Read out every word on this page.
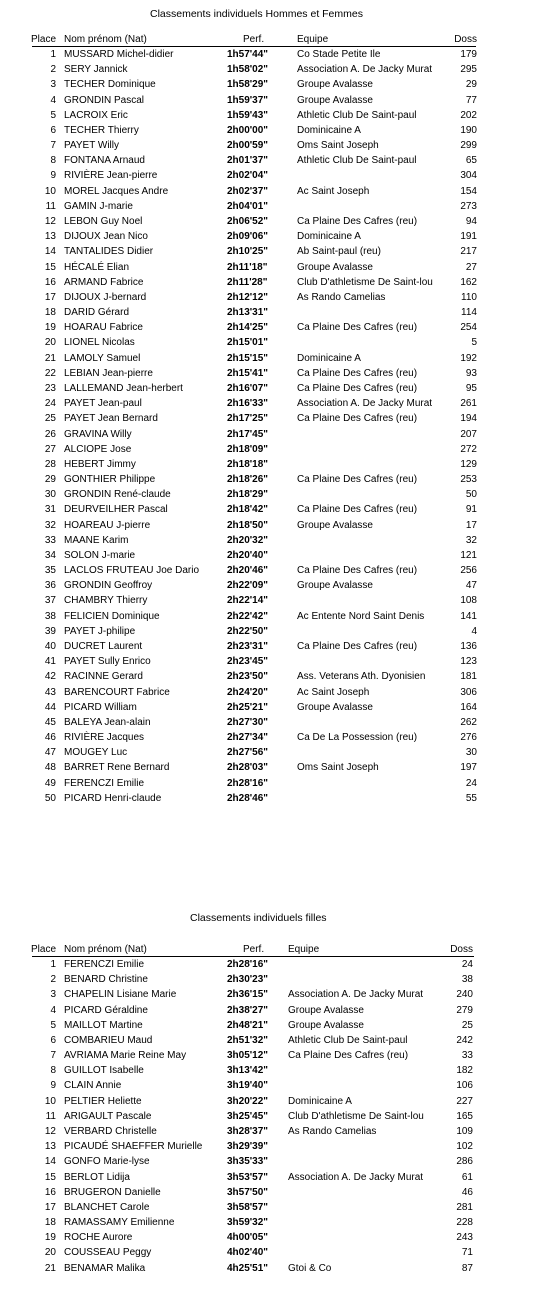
Classements individuels Hommes et Femmes
Place Nom prénom (Nat)	Perf.	Equipe	Doss
1 MUSSARD Michel-didier	1h57'44"	Co Stade Petite Ile	179
2 SERY Jannick	1h58'02"	Association A. De Jacky Murat	295
3 TECHER Dominique	1h58'29"	Groupe Avalasse	29
4 GRONDIN Pascal	1h59'37"	Groupe Avalasse	77
5 LACROIX Eric	1h59'43"	Athletic Club De Saint-paul	202
6 TECHER Thierry	2h00'00"	Dominicaine A	190
7 PAYET Willy	2h00'59"	Oms Saint Joseph	299
8 FONTANA Arnaud	2h01'37"	Athletic Club De Saint-paul	65
9 RIVIÈRE Jean-pierre	2h02'04"	304
10 MOREL Jacques Andre	2h02'37"	Ac Saint Joseph	154
11 GAMIN J-marie	2h04'01"	273
12 LEBON Guy Noel	2h06'52"	Ca Plaine Des Cafres (reu)	94
13 DIJOUX Jean Nico	2h09'06"	Dominicaine A	191
14 TANTALIDES Didier	2h10'25"	Ab Saint-paul (reu)	217
15 HÉCALÉ Elian	2h11'18"	Groupe Avalasse	27
16 ARMAND Fabrice	2h11'28"	Club D'athletisme De Saint-lou	162
17 DIJOUX J-bernard	2h12'12"	As Rando Camelias	110
18 DARID Gérard	2h13'31"	114
19 HOARAU Fabrice	2h14'25"	Ca Plaine Des Cafres (reu)	254
20 LIONEL Nicolas	2h15'01"	5
21 LAMOLY Samuel	2h15'15"	Dominicaine A	192
22 LEBIAN Jean-pierre	2h15'41"	Ca Plaine Des Cafres (reu)	93
23 LALLEMAND Jean-herbert	2h16'07"	Ca Plaine Des Cafres (reu)	95
24 PAYET Jean-paul	2h16'33"	Association A. De Jacky Murat	261
25 PAYET Jean Bernard	2h17'25"	Ca Plaine Des Cafres (reu)	194
26 GRAVINA Willy	2h17'45"	207
27 ALCIOPE Jose	2h18'09"	272
28 HEBERT Jimmy	2h18'18"	129
29 GONTHIER Philippe	2h18'26"	Ca Plaine Des Cafres (reu)	253
30 GRONDIN René-claude	2h18'29"	50
31 DEURVEILHER Pascal	2h18'42"	Ca Plaine Des Cafres (reu)	91
32 HOAREAU J-pierre	2h18'50"	Groupe Avalasse	17
33 MAANE Karim	2h20'32"	32
34 SOLON J-marie	2h20'40"	121
35 LACLOS FRUTEAU Joe Dario	2h20'46"	Ca Plaine Des Cafres (reu)	256
36 GRONDIN Geoffroy	2h22'09"	Groupe Avalasse	47
37 CHAMBRY Thierry	2h22'14"	108
38 FELICIEN Dominique	2h22'42"	Ac Entente Nord Saint Denis	141
39 PAYET J-philipe	2h22'50"	4
40 DUCRET Laurent	2h23'31"	Ca Plaine Des Cafres (reu)	136
41 PAYET Sully Enrico	2h23'45"	123
42 RACINNE Gerard	2h23'50"	Ass. Veterans Ath. Dyonisien	181
43 BARENCOURT Fabrice	2h24'20"	Ac Saint Joseph	306
44 PICARD William	2h25'21"	Groupe Avalasse	164
45 BALEYA Jean-alain	2h27'30"	262
46 RIVIÈRE Jacques	2h27'34"	Ca De La Possession (reu)	276
47 MOUGEY Luc	2h27'56"	30
48 BARRET Rene Bernard	2h28'03"	Oms Saint Joseph	197
49 FERENCZI Emilie	2h28'16"	24
50 PICARD Henri-claude	2h28'46"	55
Classements individuels filles
Place Nom prénom (Nat)	Perf. Equipe	Doss
1 FERENCZI Emilie	2h28'16"	24
2 BENARD Christine	2h30'23"	38
3 CHAPELIN Lisiane Marie	2h36'15" Association A. De Jacky Murat	240
4 PICARD Géraldine	2h38'27" Groupe Avalasse	279
5 MAILLOT Martine	2h48'21" Groupe Avalasse	25
6 COMBARIEU Maud	2h51'32" Athletic Club De Saint-paul	242
7 AVRIAMA Marie Reine May	3h05'12" Ca Plaine Des Cafres (reu)	33
8 GUILLOT Isabelle	3h13'42"	182
9 CLAIN Annie	3h19'40"	106
10 PELTIER Heliette	3h20'22" Dominicaine A	227
11 ARIGAULT Pascale	3h25'45" Club D'athletisme De Saint-lou	165
12 VERBARD Christelle	3h28'37" As Rando Camelias	109
13 PICAUDÉ SHAEFFER Murielle 3h29'39"	102
14 GONFO Marie-lyse	3h35'33"	286
15 BERLOT Lidija	3h53'57" Association A. De Jacky Murat	61
16 BRUGERON Danielle	3h57'50"	46
17 BLANCHET Carole	3h58'57"	281
18 RAMASSAMY Emilienne	3h59'32"	228
19 ROCHE Aurore	4h00'05"	243
20 COUSSEAU Peggy	4h02'40"	71
21 BENAMAR Malika	4h25'51" Gtoi & Co	87
